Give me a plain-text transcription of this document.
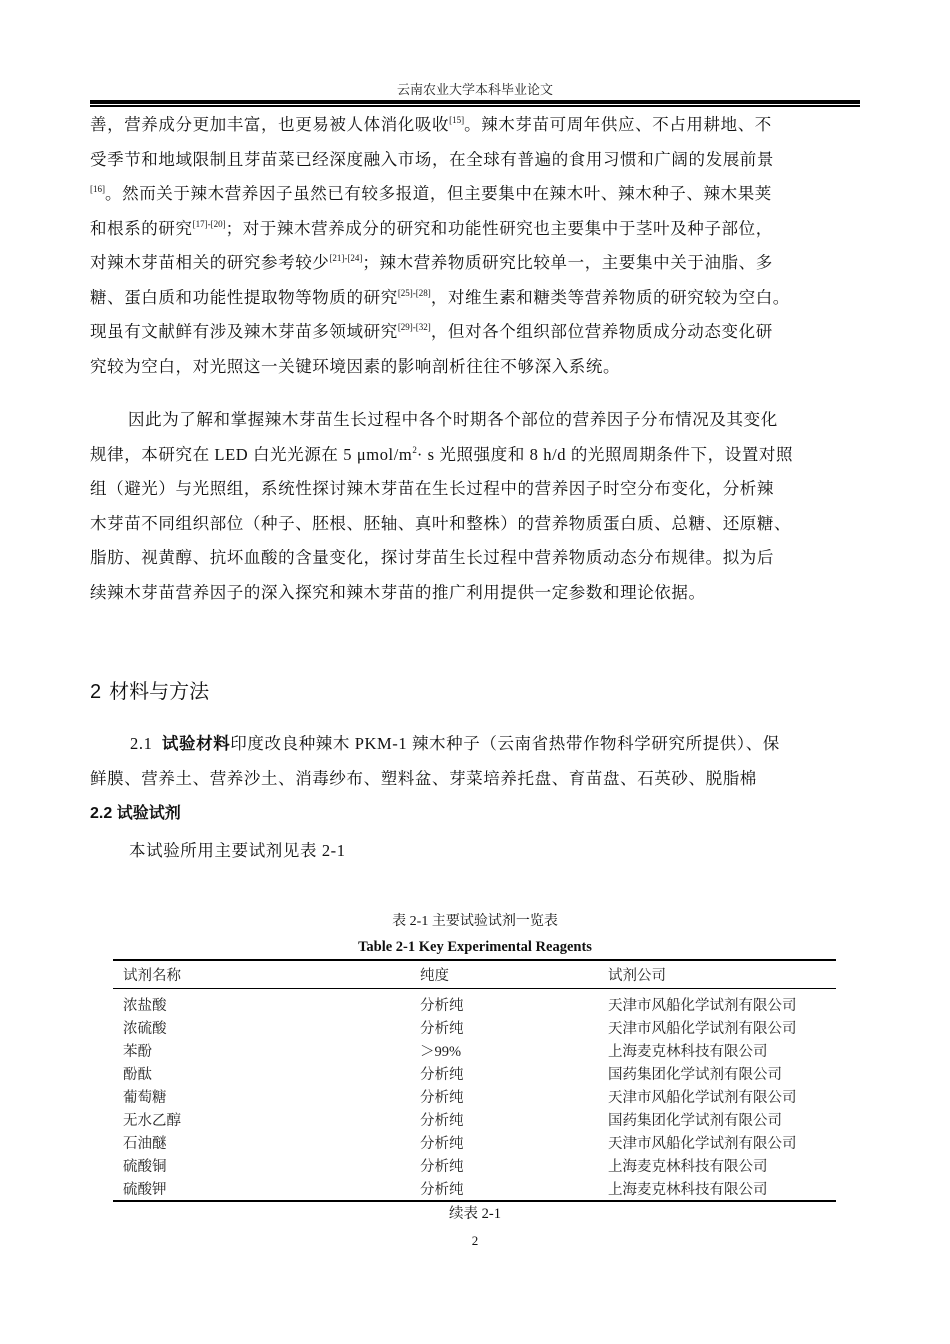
云南农业大学本科毕业论文
善，营养成分更加丰富，也更易被人体消化吸收[15]。辣木芽苗可周年供应、不占用耕地、不
受季节和地域限制且芽苗菜已经深度融入市场，在全球有普遍的食用习惯和广阔的发展前景
[16]。然而关于辣木营养因子虽然已有较多报道，但主要集中在辣木叶、辣木种子、辣木果荚
和根系的研究[17]-[20]；对于辣木营养成分的研究和功能性研究也主要集中于茎叶及种子部位，
对辣木芽苗相关的研究参考较少[21]-[24]；辣木营养物质研究比较单一，主要集中关于油脂、多
糖、蛋白质和功能性提取物等物质的研究[25]-[28]，对维生素和糖类等营养物质的研究较为空白。
现虽有文献鲜有涉及辣木芽苗多领域研究[29]-[32]，但对各个组织部位营养物质成分动态变化研
究较为空白，对光照这一关键环境因素的影响剖析往往不够深入系统。
因此为了解和掌握辣木芽苗生长过程中各个时期各个部位的营养因子分布情况及其变化
规律，本研究在 LED 白光光源在 5 μmol/$m^2\cdot s$ 光照强度和 8 h/d 的光照周期条件下，设置对照
组（避光）与光照组，系统性探讨辣木芽苗在生长过程中的营养因子时空分布变化，分析辣
木芽苗不同组织部位（种子、胚根、胚轴、真叶和整株）的营养物质蛋白质、总糖、还原糖、
脂肪、视黄醇、抗坏血酸的含量变化，探讨芽苗生长过程中营养物质动态分布规律。拟为后
续辣木芽苗营养因子的深入探究和辣木芽苗的推广利用提供一定参数和理论依据。
2 材料与方法
2.1 试验材料印度改良种辣木 PKM-1 辣木种子（云南省热带作物科学研究所提供）、保
鲜膜、营养土、营养沙土、消毒纱布、塑料盆、芽菜培养托盘、育苗盘、石英砂、脱脂棉
2.2 试验试剂
本试验所用主要试剂见表 2-1
表 2-1 主要试验试剂一览表
Table 2-1 Key Experimental Reagents
试剂名称	纯度	试剂公司
浓盐酸	分析纯	天津市风船化学试剂有限公司
浓硫酸	分析纯	天津市风船化学试剂有限公司
苯酚	＞99%	上海麦克林科技有限公司
酚酞	分析纯	国药集团化学试剂有限公司
葡萄糖	分析纯	天津市风船化学试剂有限公司
无水乙醇	分析纯	国药集团化学试剂有限公司
石油醚	分析纯	天津市风船化学试剂有限公司
硫酸铜	分析纯	上海麦克林科技有限公司
硫酸钾	分析纯	上海麦克林科技有限公司
续表 2-1
2
